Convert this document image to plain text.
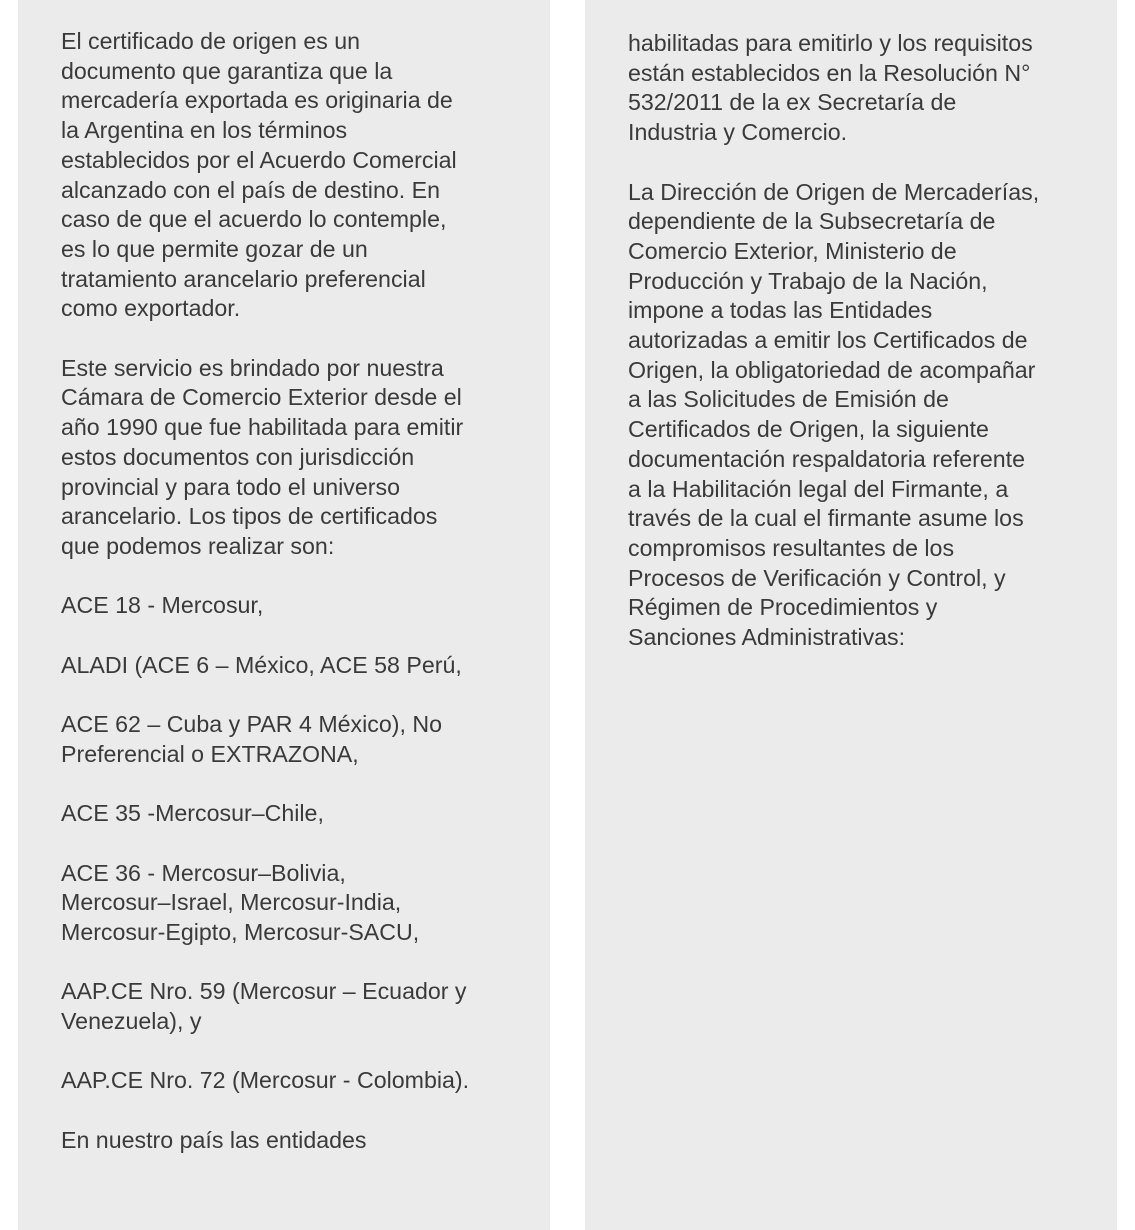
El certificado de origen es un
documento que garantiza que la
mercadería exportada es originaria de
la Argentina en los términos
establecidos por el Acuerdo Comercial
alcanzado con el país de destino. En
caso de que el acuerdo lo contemple,
es lo que permite gozar de un
tratamiento arancelario preferencial
como exportador.

Este servicio es brindado por nuestra
Cámara de Comercio Exterior desde el
año 1990 que fue habilitada para emitir
estos documentos con jurisdicción
provincial y para todo el universo
arancelario. Los tipos de certificados
que podemos realizar son:

ACE 18 - Mercosur,

ALADI (ACE 6 – México, ACE 58 Perú,

ACE 62 – Cuba y PAR 4 México), No
Preferencial o EXTRAZONA,

ACE 35 -Mercosur–Chile,

ACE 36 - Mercosur–Bolivia,
Mercosur–Israel, Mercosur-India,
Mercosur-Egipto, Mercosur-SACU,

AAP.CE Nro. 59 (Mercosur – Ecuador y
Venezuela), y

AAP.CE Nro. 72 (Mercosur - Colombia).

En nuestro país las entidades

habilitadas para emitirlo y los requisitos
están establecidos en la Resolución N°
532/2011 de la ex Secretaría de
Industria y Comercio.

La Dirección de Origen de Mercaderías,
dependiente de la Subsecretaría de
Comercio Exterior, Ministerio de
Producción y Trabajo de la Nación,
impone a todas las Entidades
autorizadas a emitir los Certificados de
Origen, la obligatoriedad de acompañar
a las Solicitudes de Emisión de
Certificados de Origen, la siguiente
documentación respaldatoria referente
a la Habilitación legal del Firmante, a
través de la cual el firmante asume los
compromisos resultantes de los
Procesos de Verificación y Control, y
Régimen de Procedimientos y
Sanciones Administrativas:
